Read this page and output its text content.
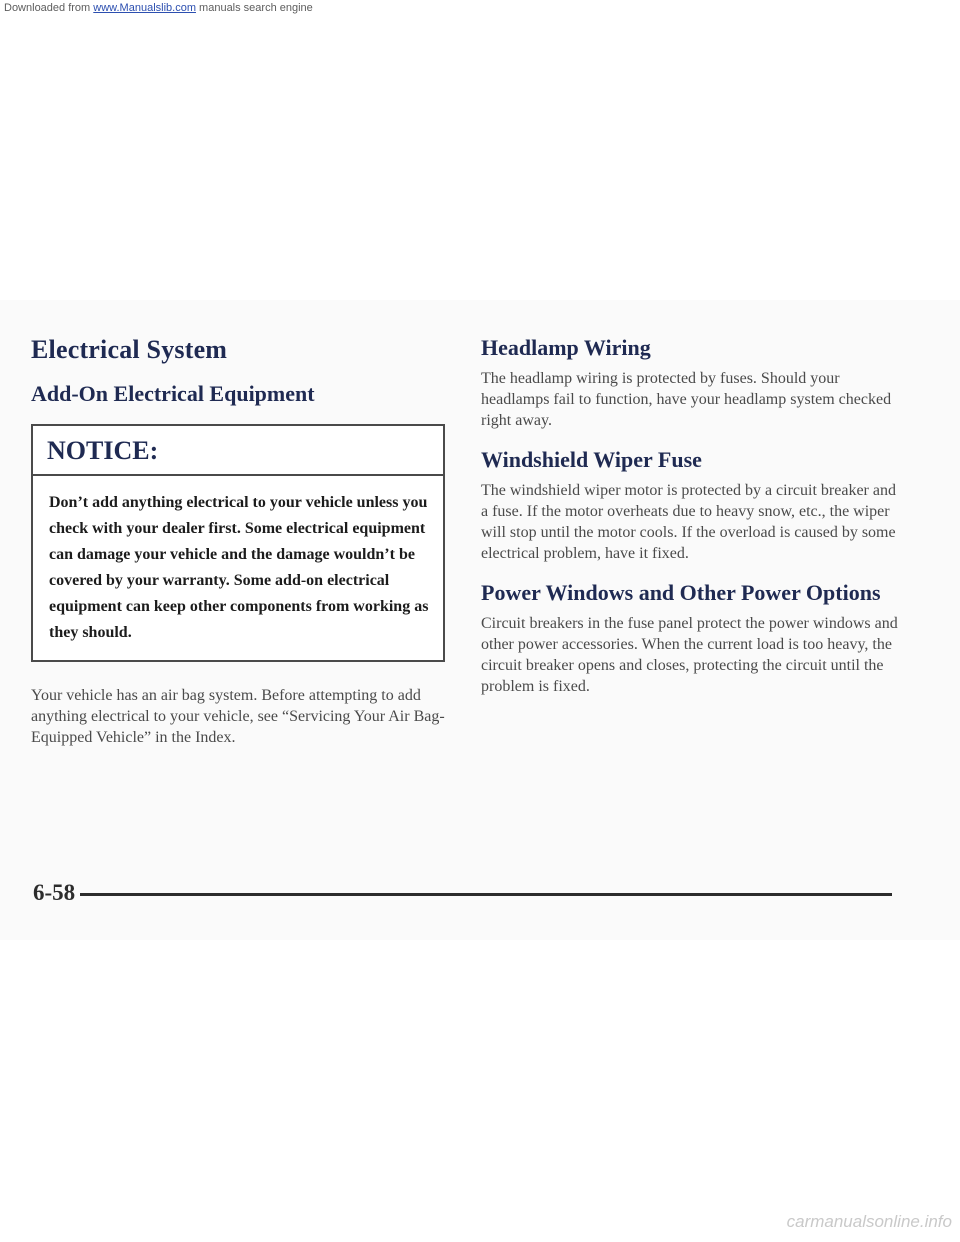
Downloaded from www.Manualslib.com manuals search engine
Electrical System
Add-On Electrical Equipment
NOTICE:
Don’t add anything electrical to your vehicle unless you check with your dealer first. Some electrical equipment can damage your vehicle and the damage wouldn’t be covered by your warranty. Some add-on electrical equipment can keep other components from working as they should.

Your vehicle has an air bag system. Before attempting to add anything electrical to your vehicle, see “Servicing Your Air Bag-Equipped Vehicle” in the Index.

Headlamp Wiring

The headlamp wiring is protected by fuses. Should your headlamps fail to function, have your headlamp system checked right away.

Windshield Wiper Fuse

The windshield wiper motor is protected by a circuit breaker and a fuse. If the motor overheats due to heavy snow, etc., the wiper will stop until the motor cools. If the overload is caused by some electrical problem, have it fixed.

Power Windows and Other Power Options

Circuit breakers in the fuse panel protect the power windows and other power accessories. When the current load is too heavy, the circuit breaker opens and closes, protecting the circuit until the problem is fixed.

6-58
carmanualsonline.info
